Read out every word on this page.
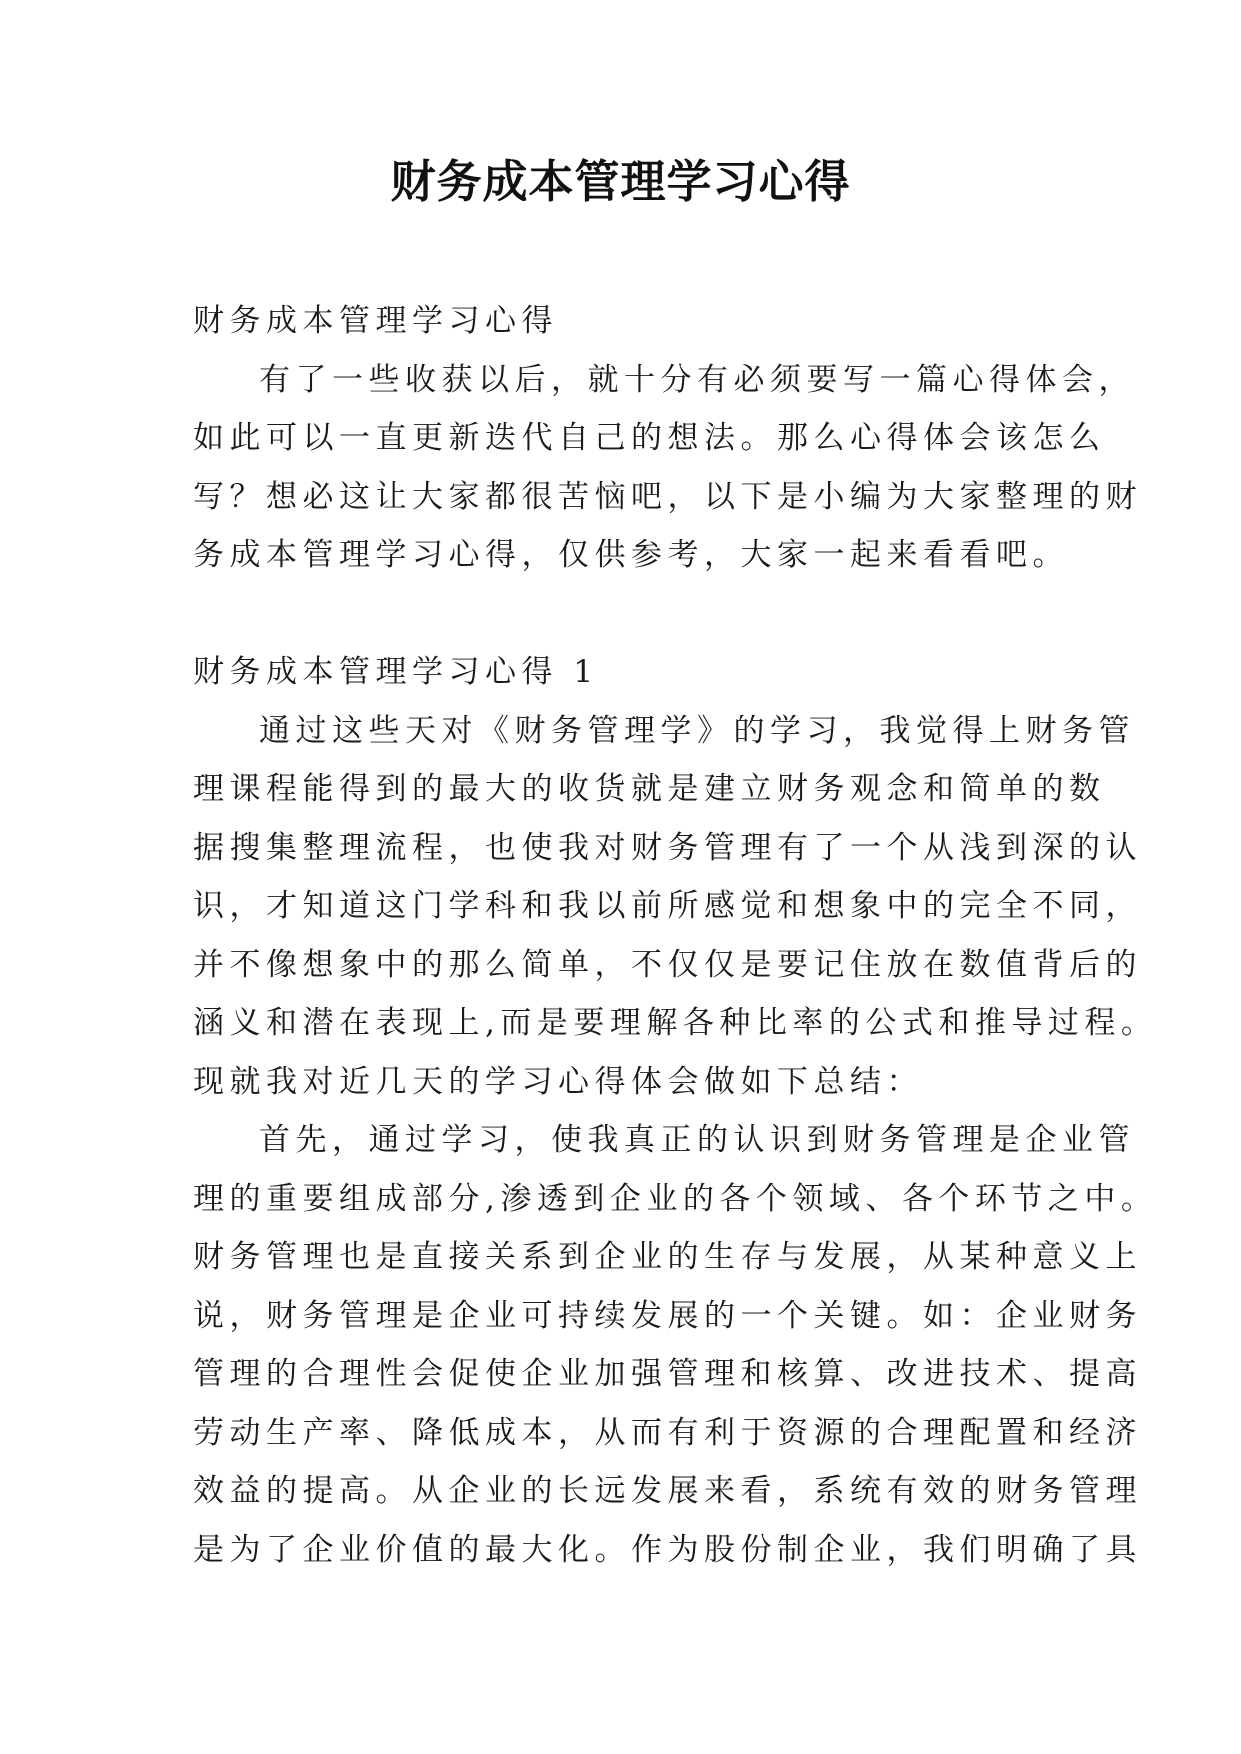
财务成本管理学习心得
财务成本管理学习心得
有了一些收获以后，就十分有必须要写一篇心得体会，
如此可以一直更新迭代自己的想法。那么心得体会该怎么
写？想必这让大家都很苦恼吧，以下是小编为大家整理的财
务成本管理学习心得，仅供参考，大家一起来看看吧。
财务成本管理学习心得 1
通过这些天对《财务管理学》的学习，我觉得上财务管
理课程能得到的最大的收货就是建立财务观念和简单的数
据搜集整理流程，也使我对财务管理有了一个从浅到深的认
识，才知道这门学科和我以前所感觉和想象中的完全不同，
并不像想象中的那么简单，不仅仅是要记住放在数值背后的
涵义和潜在表现上,而是要理解各种比率的公式和推导过程。
现就我对近几天的学习心得体会做如下总结：
首先，通过学习，使我真正的认识到财务管理是企业管
理的重要组成部分,渗透到企业的各个领域、各个环节之中。
财务管理也是直接关系到企业的生存与发展，从某种意义上
说，财务管理是企业可持续发展的一个关键。如：企业财务
管理的合理性会促使企业加强管理和核算、改进技术、提高
劳动生产率、降低成本，从而有利于资源的合理配置和经济
效益的提高。从企业的长远发展来看，系统有效的财务管理
是为了企业价值的最大化。作为股份制企业，我们明确了具
